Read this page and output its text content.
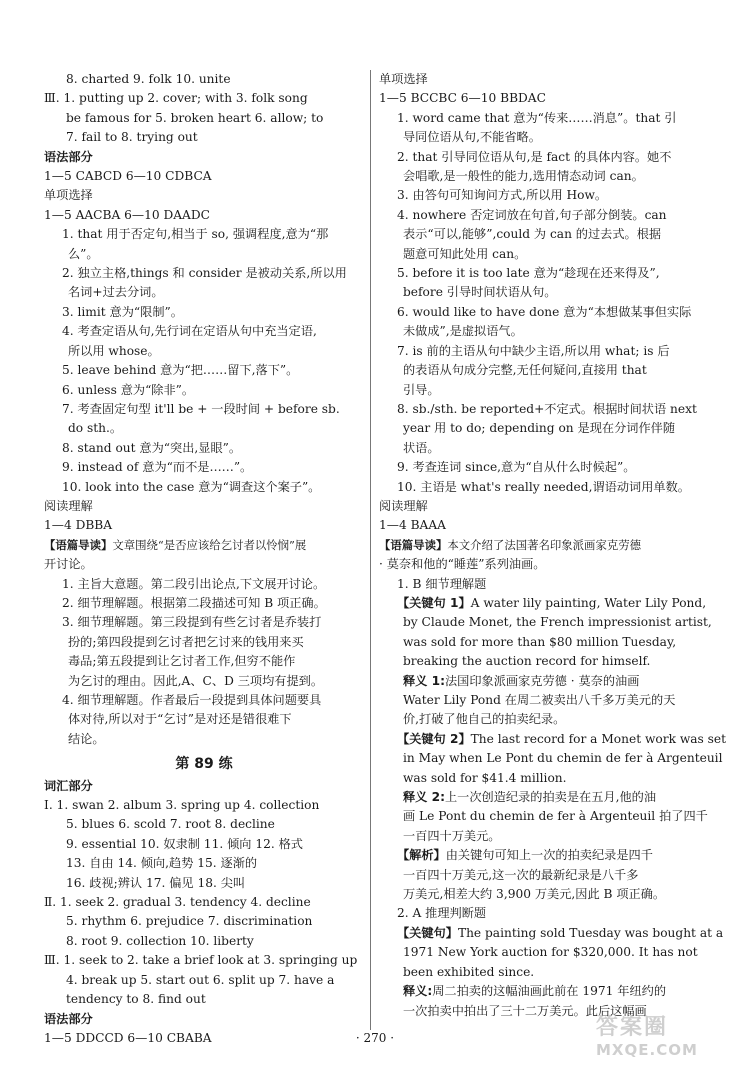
8. charted 9. folk 10. unite
Ⅲ. 1. putting up 2. cover; with 3. folk song
be famous for 5. broken heart 6. allow; to
7. fail to 8. trying out
语法部分
1—5 CABCD 6—10 CDBCA
单项选择
1—5 AACBA 6—10 DAADC
1. that 用于否定句,相当于 so, 强调程度,意为“那
么”。
2. 独立主格,things 和 consider 是被动关系,所以用
名词+过去分词。
3. limit 意为“限制”。
4. 考查定语从句,先行词在定语从句中充当定语,
所以用 whose。
5. leave behind 意为“把……留下,落下”。
6. unless 意为“除非”。
7. 考查固定句型 it'll be + 一段时间 + before sb.
do sth.。
8. stand out 意为“突出,显眼”。
9. instead of 意为“而不是……”。
10. look into the case 意为“调查这个案子”。
阅读理解
1—4 DBBA
【语篇导读】文章围绕“是否应该给乞讨者以怜悯”展
开讨论。
1. 主旨大意题。第二段引出论点,下文展开讨论。
2. 细节理解题。根据第二段描述可知 B 项正确。
3. 细节理解题。第三段提到有些乞讨者是乔装打
扮的;第四段提到乞讨者把乞讨来的钱用来买
毒品;第五段提到让乞讨者工作,但穷不能作
为乞讨的理由。因此,A、C、D 三项均有提到。
4. 细节理解题。作者最后一段提到具体问题要具
体对待,所以对于“乞讨”是对还是错很难下
结论。
第 89 练
词汇部分
Ⅰ. 1. swan 2. album 3. spring up 4. collection
5. blues 6. scold 7. root 8. decline
9. essential 10. 奴隶制 11. 倾向 12. 格式
13. 自由 14. 倾向,趋势 15. 逐渐的
16. 歧视;辨认 17. 偏见 18. 尖叫
Ⅱ. 1. seek 2. gradual 3. tendency 4. decline
5. rhythm 6. prejudice 7. discrimination
8. root 9. collection 10. liberty
Ⅲ. 1. seek to 2. take a brief look at 3. springing up
4. break up 5. start out 6. split up 7. have a
tendency to 8. find out
语法部分
1—5 DDCCD 6—10 CBABA
单项选择
1—5 BCCBC 6—10 BBDAC
1. word came that 意为“传来……消息”。that 引
导同位语从句,不能省略。
2. that 引导同位语从句,是 fact 的具体内容。她不
会唱歌,是一般性的能力,选用情态动词 can。
3. 由答句可知询问方式,所以用 How。
4. nowhere 否定词放在句首,句子部分倒装。can
表示“可以,能够”,could 为 can 的过去式。根据
题意可知此处用 can。
5. before it is too late 意为“趁现在还来得及”,
before 引导时间状语从句。
6. would like to have done 意为“本想做某事但实际
未做成”,是虚拟语气。
7. is 前的主语从句中缺少主语,所以用 what; is 后
的表语从句成分完整,无任何疑问,直接用 that
引导。
8. sb./sth. be reported+不定式。根据时间状语 next
year 用 to do; depending on 是现在分词作伴随
状语。
9. 考查连词 since,意为“自从什么时候起”。
10. 主语是 what's really needed,谓语动词用单数。
阅读理解
1—4 BAAA
【语篇导读】本文介绍了法国著名印象派画家克劳德
· 莫奈和他的“睡莲”系列油画。
1. B 细节理解题
【关键句 1】A water lily painting, Water Lily Pond,
by Claude Monet, the French impressionist artist,
was sold for more than $80 million Tuesday,
breaking the auction record for himself.
释义 1:法国印象派画家克劳德 · 莫奈的油画
Water Lily Pond 在周二被卖出八千多万美元的天
价,打破了他自己的拍卖纪录。
【关键句 2】The last record for a Monet work was set
in May when Le Pont du chemin de fer à Argenteuil
was sold for $41.4 million.
释义 2:上一次创造纪录的拍卖是在五月,他的油
画 Le Pont du chemin de fer à Argenteuil 拍了四千
一百四十万美元。
【解析】由关键句可知上一次的拍卖纪录是四千
一百四十万美元,这一次的最新纪录是八千多
万美元,相差大约 3,900 万美元,因此 B 项正确。
2. A 推理判断题
【关键句】The painting sold Tuesday was bought at a
1971 New York auction for $320,000. It has not
been exhibited since.
释义:周二拍卖的这幅油画此前在 1971 年纽约的
一次拍卖中拍出了三十二万美元。此后这幅画
· 270 ·	答案圈
MXQE.COM
